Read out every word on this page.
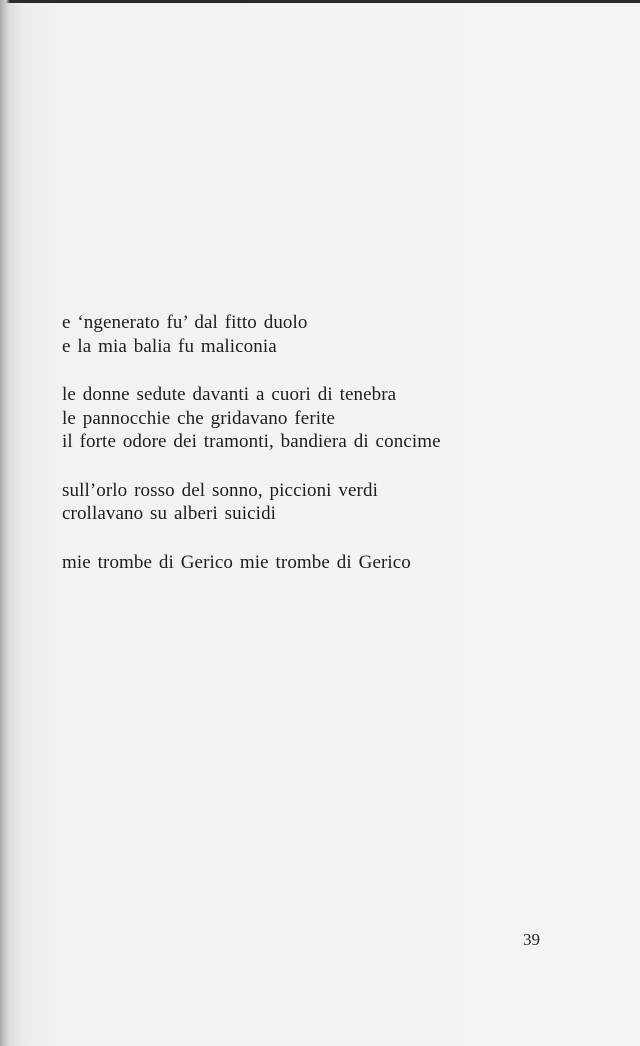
e ‘ngenerato fu’ dal fitto duolo
e la mia balia fu maliconia
le donne sedute davanti a cuori di tenebra
le pannocchie che gridavano ferite
il forte odore dei tramonti, bandiera di concime
sull’orlo rosso del sonno, piccioni verdi
crollavano su alberi suicidi
mie trombe di Gerico mie trombe di Gerico
39
